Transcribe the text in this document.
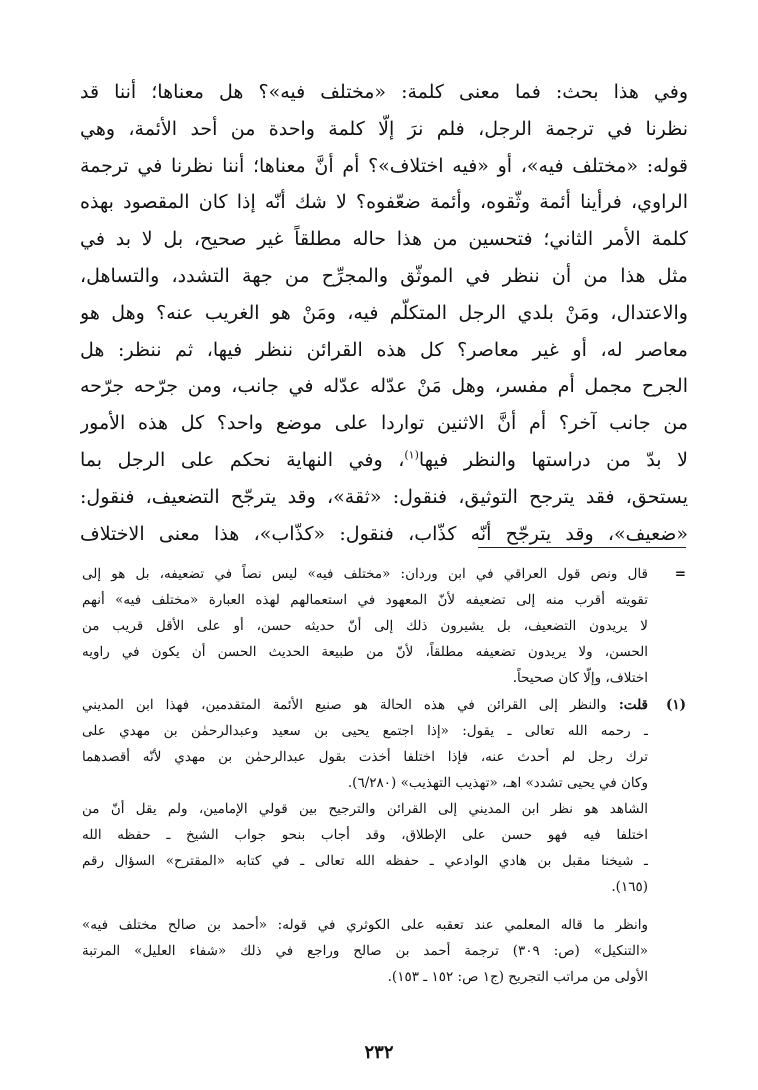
وفي هذا بحث: فما معنى كلمة: «مختلف فيه»؟ هل معناها؛ أننا قد
نظرنا في ترجمة الرجل، فلم نرَ إلّا كلمة واحدة من أحد الأئمة، وهي
قوله: «مختلف فيه»، أو «فيه اختلاف»؟ أم أنَّ معناها؛ أننا نظرنا في ترجمة
الراوي، فرأينا أئمة وثّقوه، وأئمة ضعّفوه؟ لا شك أنّه إذا كان المقصود بهذه
كلمة الأمر الثاني؛ فتحسين من هذا حاله مطلقاً غير صحيح، بل لا بد في
مثل هذا من أن ننظر في الموثّق والمجرِّح من جهة التشدد، والتساهل،
والاعتدال، ومَنْ بلدي الرجل المتكلّم فيه، ومَنْ هو الغريب عنه؟ وهل هو
معاصر له، أو غير معاصر؟ كل هذه القرائن ننظر فيها، ثم ننظر: هل
الجرح مجمل أم مفسر، وهل مَنْ عدّله عدّله في جانب، ومن جرّحه جرّحه
من جانب آخر؟ أم أنَّ الاثنين تواردا على موضع واحد؟ كل هذه الأمور
لا بدّ من دراستها والنظر فيها$^{(١)}$، وفي النهاية نحكم على الرجل بما
يستحق، فقد يترجح التوثيق، فنقول: «ثقة»، وقد يترجّح التضعيف، فنقول:
«ضعيف»، وقد يترجّح أنّه كذّاب، فنقول: «كذّاب»، هذا معنى الاختلاف
=
قال ونص قول العراقي في ابن وردان: «مختلف فيه» ليس نصاً في تضعيفه، بل هو إلى
تقويته أقرب منه إلى تضعيفه لأنّ المعهود في استعمالهم لهذه العبارة «مختلف فيه» أنهم
لا يريدون التضعيف، بل يشيرون ذلك إلى أنّ حديثه حسن، أو على الأقل قريب من
الحسن، ولا يريدون تضعيفه مطلقاً، لأنّ من طبيعة الحديث الحسن أن يكون في راويه
اختلاف، وإلّا كان صحيحاً.
(١)
قلت: والنظر إلى القرائن في هذه الحالة هو صنيع الأئمة المتقدمين، فهذا ابن المديني
ـ رحمه الله تعالى ـ يقول: «إذا اجتمع يحيى بن سعيد وعبدالرحمٰن بن مهدي على
ترك رجل لم أحدث عنه، فإذا اختلفا أخذت بقول عبدالرحمٰن بن مهدي لأنّه أقصدهما
وكان في يحيى تشدد» اهـ، «تهذيب التهذيب» (٦/٢٨٠).
الشاهد هو نظر ابن المديني إلى القرائن والترجيح بين قولي الإمامين، ولم يقل أنّ من
اختلفا فيه فهو حسن على الإطلاق، وقد أجاب بنحو جواب الشيخ ـ حفظه الله
ـ شيخنا مقبل بن هادي الوادعي ـ حفظه الله تعالى ـ في كتابه «المقترح» السؤال رقم
(١٦٥).
وانظر ما قاله المعلمي عند تعقبه على الكوثري في قوله: «أحمد بن صالح مختلف فيه»
«التنكيل» (ص: ٣٠٩) ترجمة أحمد بن صالح وراجع في ذلك «شفاء العليل» المرتبة
الأولى من مراتب التجريح (ج١ ص: ١٥٢ ـ ١٥٣).
٢٣٢
